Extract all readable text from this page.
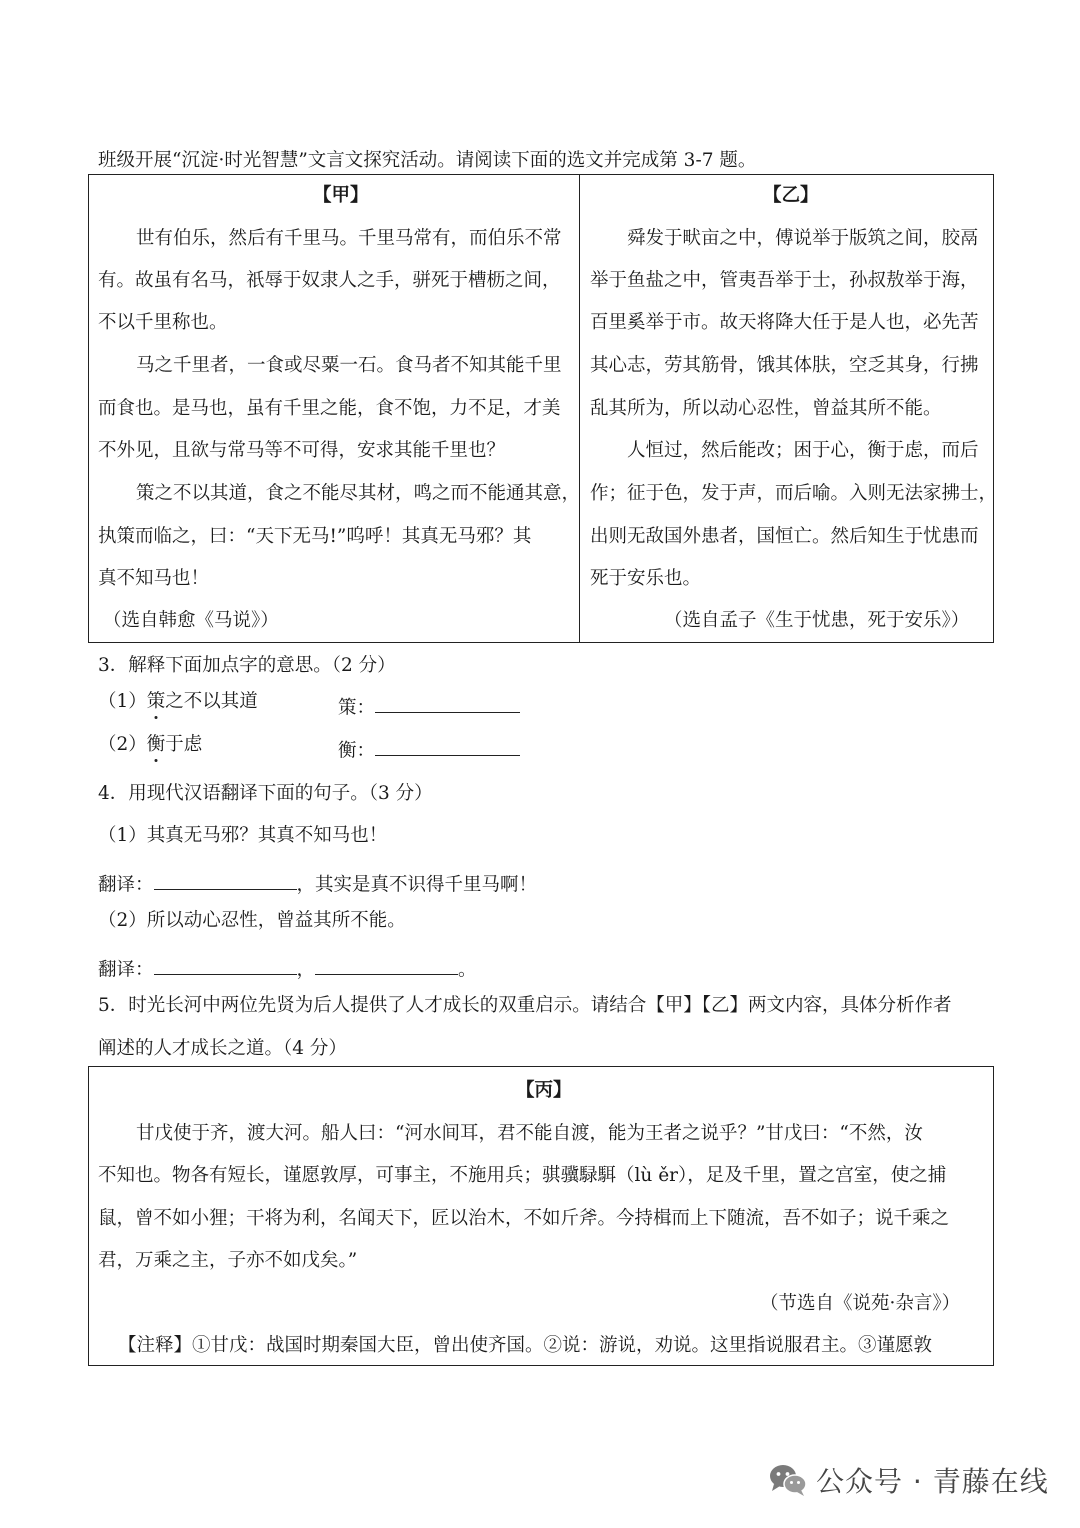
班级开展“沉淀·时光智慧”文言文探究活动。请阅读下面的选文并完成第 3-7 题。
【甲】	【乙】
世有伯乐，然后有千里马。千里马常有，而伯乐不常
有。故虽有名马，祇辱于奴隶人之手，骈死于槽枥之间，
不以千里称也。
马之千里者，一食或尽粟一石。食马者不知其能千里
而食也。是马也，虽有千里之能，食不饱，力不足，才美
不外见，且欲与常马等不可得，安求其能千里也？
策之不以其道，食之不能尽其材，鸣之而不能通其意，
执策而临之，曰：“天下无马!”呜呼！其真无马邪？其
真不知马也！
（选自韩愈《马说》）
舜发于畎亩之中，傅说举于版筑之间，胶鬲
举于鱼盐之中，管夷吾举于士，孙叔敖举于海，
百里奚举于市。故天将降大任于是人也，必先苦
其心志，劳其筋骨，饿其体肤，空乏其身，行拂
乱其所为，所以动心忍性，曾益其所不能。
人恒过，然后能改；困于心，衡于虑，而后
作；征于色，发于声，而后喻。入则无法家拂士，
出则无敌国外患者，国恒亡。然后知生于忧患而
死于安乐也。
（选自孟子《生于忧患，死于安乐》）
3．解释下面加点字的意思。（2 分）
（1）策之不以其道	策：
（2）衡于虑	衡：
4．用现代汉语翻译下面的句子。（3 分）
（1）其真无马邪？其真不知马也！
翻译：	，其实是真不识得千里马啊！
（2）所以动心忍性，曾益其所不能。
翻译：	，	。
5．时光长河中两位先贤为后人提供了人才成长的双重启示。请结合【甲】【乙】两文内容，具体分析作者
阐述的人才成长之道。（4 分）
【丙】
甘戊使于齐，渡大河。船人曰：“河水间耳，君不能自渡，能为王者之说乎？”甘戊曰：“不然，汝
不知也。物各有短长，谨愿敦厚，可事主，不施用兵；骐骥騄駬（lù ěr），足及千里，置之宫室，使之捕
鼠，曾不如小狸；干将为利，名闻天下，匠以治木，不如斤斧。今持楫而上下随流，吾不如子；说千乘之
君，万乘之主，子亦不如戊矣。”
（节选自《说苑·杂言》）
【注释】①甘戊：战国时期秦国大臣，曾出使齐国。②说：游说，劝说。这里指说服君主。③谨愿敦
公众号 · 青藤在线
